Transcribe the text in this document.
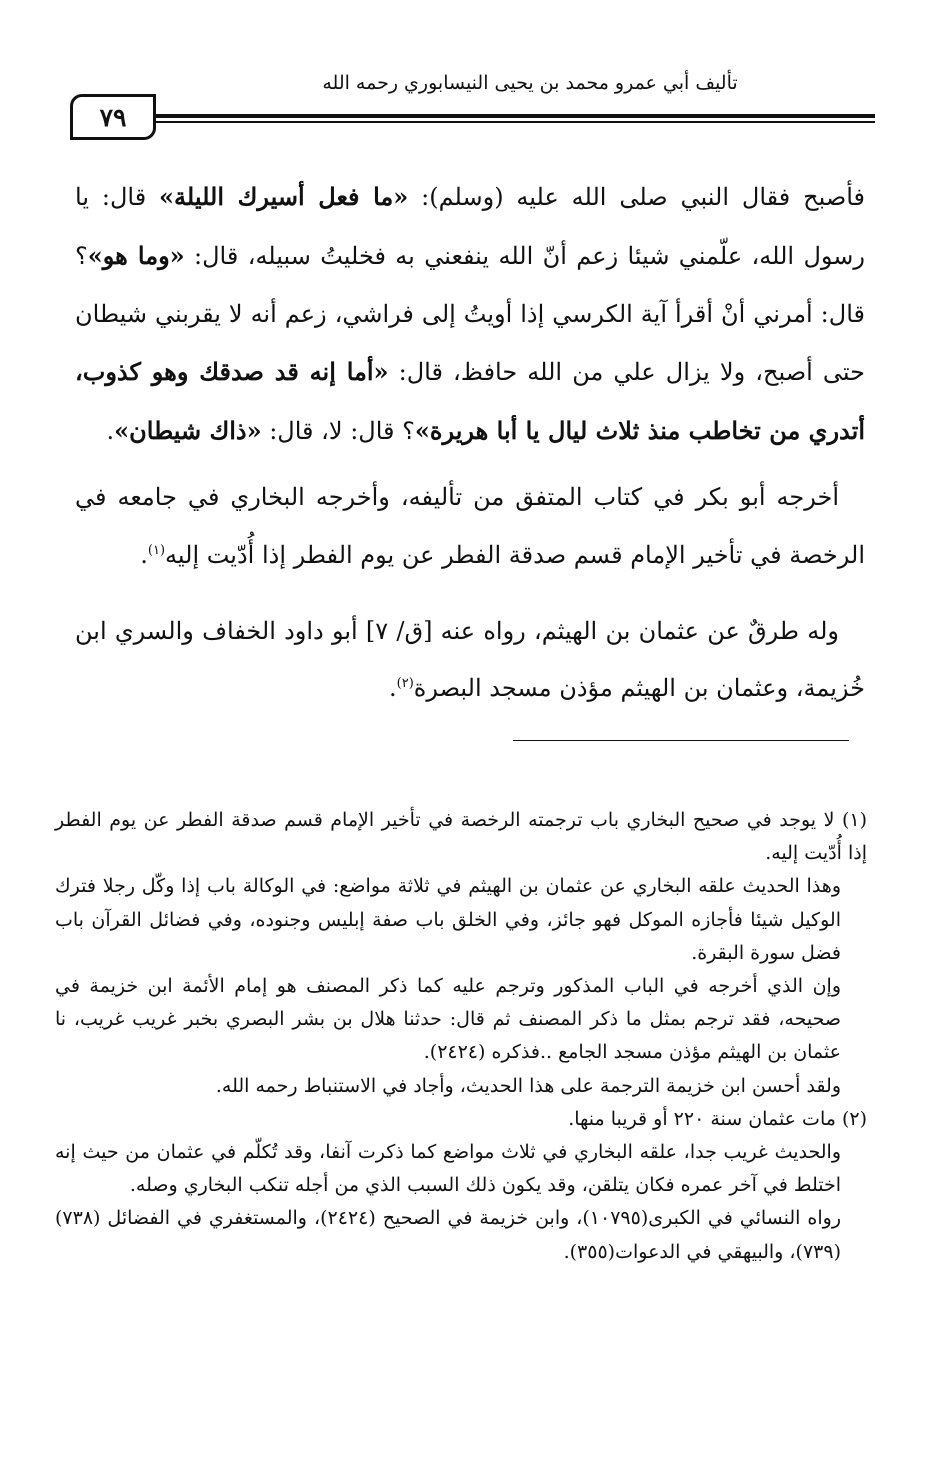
تأليف أبي عمرو محمد بن يحيى النيسابوري رحمه الله
٧٩

فأصبح فقال النبي صلى الله عليه (وسلم): «ما فعل أسيرك الليلة» قال: يا رسول الله، علّمني شيئا زعم أنّ الله ينفعني به فخليتُ سبيله، قال: «وما هو»؟ قال: أمرني أنْ أقرأ آية الكرسي إذا أويتُ إلى فراشي، زعم أنه لا يقربني شيطان حتى أصبح، ولا يزال علي من الله حافظ، قال: «أما إنه قد صدقك وهو كذوب، أتدري من تخاطب منذ ثلاث ليال يا أبا هريرة»؟ قال: لا، قال: «ذاك شيطان».

أخرجه أبو بكر في كتاب المتفق من تأليفه، وأخرجه البخاري في جامعه في الرخصة في تأخير الإمام قسم صدقة الفطر عن يوم الفطر إذا أُدّيت إليه$^{(١)}$.

وله طرقٌ عن عثمان بن الهيثم، رواه عنه [ق/ ٧] أبو داود الخفاف والسري ابن خُزيمة، وعثمان بن الهيثم مؤذن مسجد البصرة$^{(٢)}$.

(١) لا يوجد في صحيح البخاري باب ترجمته الرخصة في تأخير الإمام قسم صدقة الفطر عن يوم الفطر إذا أُدّيت إليه.

وهذا الحديث علقه البخاري عن عثمان بن الهيثم في ثلاثة مواضع: في الوكالة باب إذا وكّل رجلا فترك الوكيل شيئا فأجازه الموكل فهو جائز، وفي الخلق باب صفة إبليس وجنوده، وفي فضائل القرآن باب فضل سورة البقرة.

وإن الذي أخرجه في الباب المذكور وترجم عليه كما ذكر المصنف هو إمام الأئمة ابن خزيمة في صحيحه، فقد ترجم بمثل ما ذكر المصنف ثم قال: حدثنا هلال بن بشر البصري بخبر غريب غريب، نا عثمان بن الهيثم مؤذن مسجد الجامع ..فذكره (٢٤٢٤).

ولقد أحسن ابن خزيمة الترجمة على هذا الحديث، وأجاد في الاستنباط رحمه الله.

(٢) مات عثمان سنة ٢٢٠ أو قريبا منها.

والحديث غريب جدا، علقه البخاري في ثلاث مواضع كما ذكرت آنفا، وقد تُكلّم في عثمان من حيث إنه اختلط في آخر عمره فكان يتلقن، وقد يكون ذلك السبب الذي من أجله تنكب البخاري وصله.

رواه النسائي في الكبرى(١٠٧٩٥)، وابن خزيمة في الصحيح (٢٤٢٤)، والمستغفري في الفضائل (٧٣٨) (٧٣٩)، والبيهقي في الدعوات(٣٥٥).
